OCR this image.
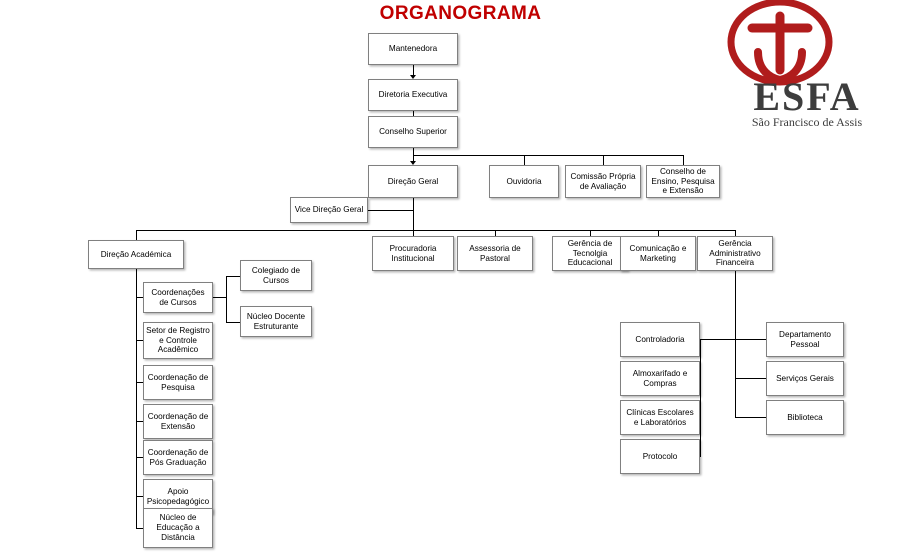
ORGANOGRAMA
ESFA
São Francisco de Assis
Mantenedora
Diretoria Executiva
Conselho Superior
Direção Geral	Ouvidoria
Comissão Própria de Avaliação
Conselho de Ensino, Pesquisa e Extensão
Vice Direção Geral
Direção Académica
Procuradoria Institucional
Assessoria de Pastoral
Gerência de Tecnolgia Educacional
Comunicação e Marketing
Gerência Administrativo Financeira
Colegiado de Cursos
Coordenações de Cursos
Núcleo Docente Estruturante
Setor de Registro e Controle Acadêmico
Coordenação de Pesquisa
Coordenação de Extensão
Coordenação de Pós Graduação
Apoio Psicopedagógico
Núcleo de Educação a Distância
Controladoria
Departamento Pessoal
Almoxarifado e Compras
Serviços Gerais
Clínicas Escolares e Laboratórios
Biblioteca
Protocolo
